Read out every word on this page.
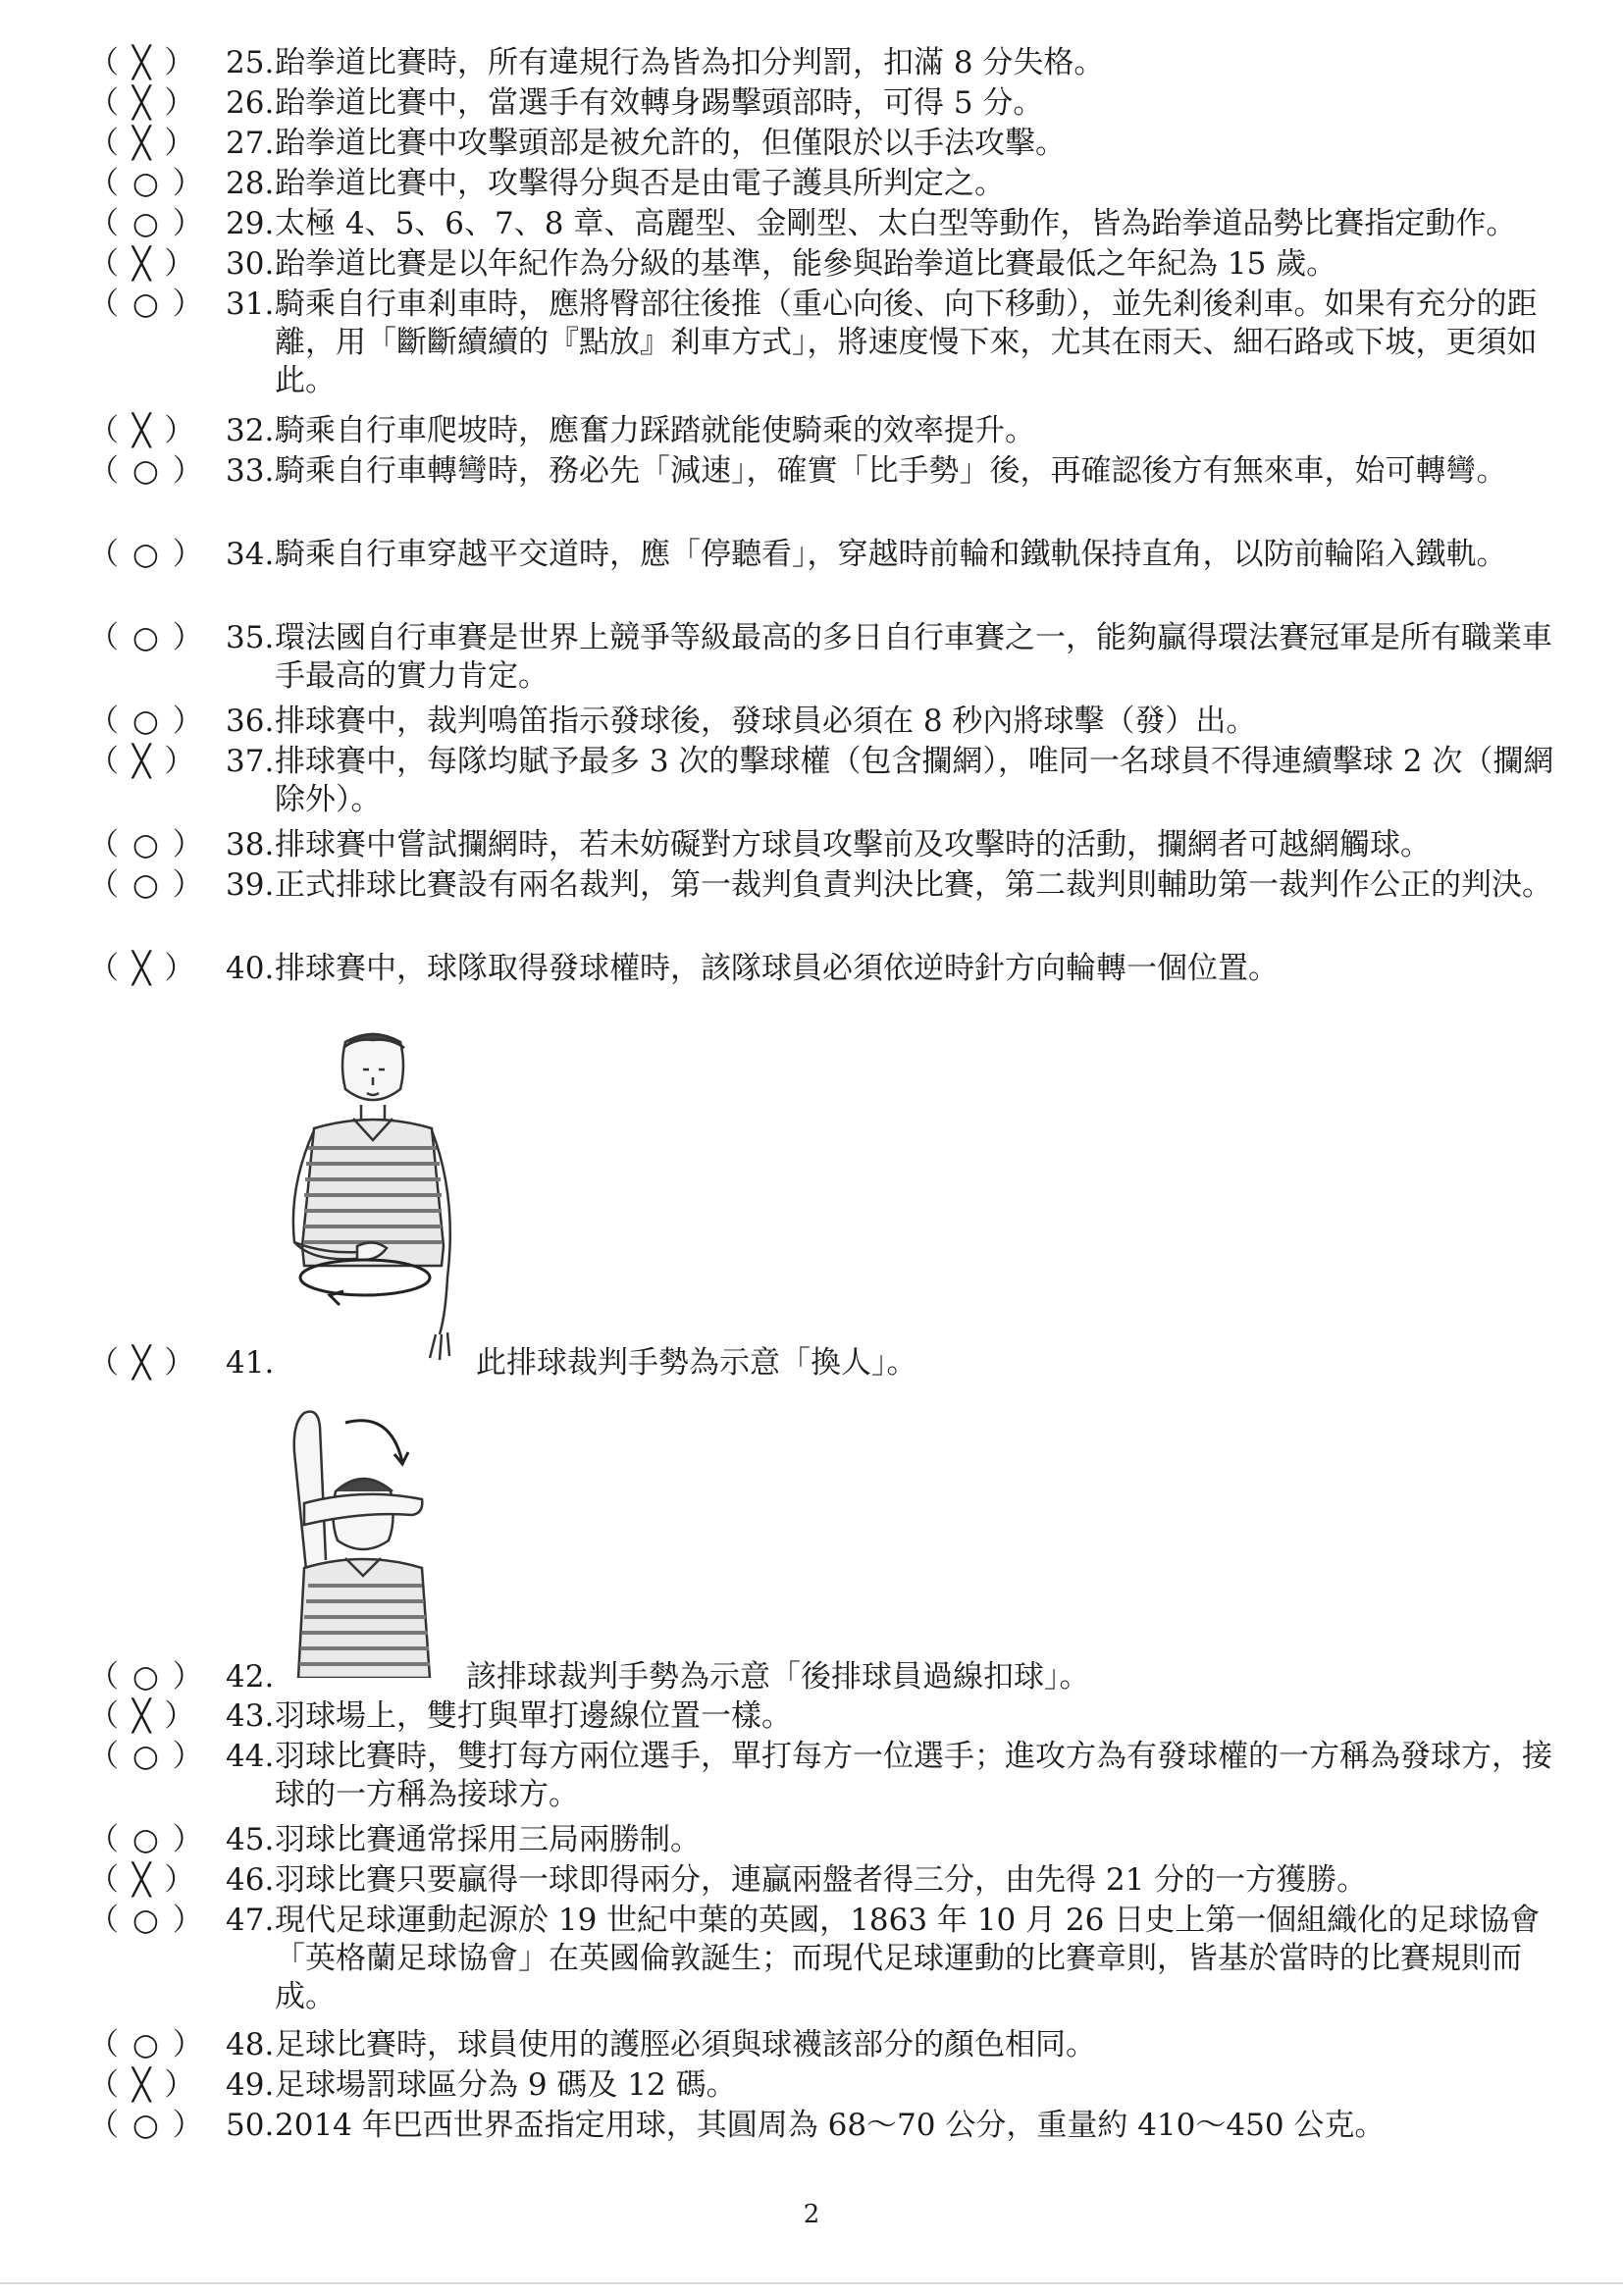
（ ╳ ） 25. 跆拳道比賽時，所有違規行為皆為扣分判罰，扣滿 8 分失格。
（ ╳ ） 26. 跆拳道比賽中，當選手有效轉身踢擊頭部時，可得 5 分。
（ ╳ ） 27. 跆拳道比賽中攻擊頭部是被允許的，但僅限於以手法攻擊。
（ ○ ） 28. 跆拳道比賽中，攻擊得分與否是由電子護具所判定之。
（ ○ ） 29. 太極 4、5、6、7、8 章、高麗型、金剛型、太白型等動作，皆為跆拳道品勢比賽指定動作。
（ ╳ ） 30. 跆拳道比賽是以年紀作為分級的基準，能參與跆拳道比賽最低之年紀為 15 歲。
（ ○ ） 31. 騎乘自行車剎車時，應將臀部往後推（重心向後、向下移動），並先剎後剎車。如果有充分的距離，用「斷斷續續的『點放』剎車方式」，將速度慢下來，尤其在雨天、細石路或下坡，更須如此。
（ ╳ ） 32. 騎乘自行車爬坡時，應奮力踩踏就能使騎乘的效率提升。
（ ○ ） 33. 騎乘自行車轉彎時，務必先「減速」，確實「比手勢」後，再確認後方有無來車，始可轉彎。
（ ○ ） 34. 騎乘自行車穿越平交道時，應「停聽看」，穿越時前輪和鐵軌保持直角，以防前輪陷入鐵軌。
（ ○ ） 35. 環法國自行車賽是世界上競爭等級最高的多日自行車賽之一，能夠贏得環法賽冠軍是所有職業車手最高的實力肯定。
（ ○ ） 36. 排球賽中，裁判鳴笛指示發球後，發球員必須在 8 秒內將球擊（發）出。
（ ╳ ） 37. 排球賽中，每隊均賦予最多 3 次的擊球權（包含攔網），唯同一名球員不得連續擊球 2 次（攔網除外）。
（ ○ ） 38. 排球賽中嘗試攔網時，若未妨礙對方球員攻擊前及攻擊時的活動，攔網者可越網觸球。
（ ○ ） 39. 正式排球比賽設有兩名裁判，第一裁判負責判決比賽，第二裁判則輔助第一裁判作公正的判決。
（ ╳ ） 40. 排球賽中，球隊取得發球權時，該隊球員必須依逆時針方向輪轉一個位置。
（ ╳ ） 41.	此排球裁判手勢為示意「換人」。
（ ○ ） 42.	該排球裁判手勢為示意「後排球員過線扣球」。
（ ╳ ） 43. 羽球場上，雙打與單打邊線位置一樣。
（ ○ ） 44. 羽球比賽時，雙打每方兩位選手，單打每方一位選手；進攻方為有發球權的一方稱為發球方，接球的一方稱為接球方。
（ ○ ） 45. 羽球比賽通常採用三局兩勝制。
（ ╳ ） 46. 羽球比賽只要贏得一球即得兩分，連贏兩盤者得三分，由先得 21 分的一方獲勝。
（ ○ ） 47. 現代足球運動起源於 19 世紀中葉的英國，1863 年 10 月 26 日史上第一個組織化的足球協會「英格蘭足球協會」在英國倫敦誕生；而現代足球運動的比賽章則，皆基於當時的比賽規則而成。
（ ○ ） 48. 足球比賽時，球員使用的護脛必須與球襪該部分的顏色相同。
（ ╳ ） 49. 足球場罰球區分為 9 碼及 12 碼。
（ ○ ） 50. 2014 年巴西世界盃指定用球，其圓周為 68～70 公分，重量約 410～450 公克。
2
